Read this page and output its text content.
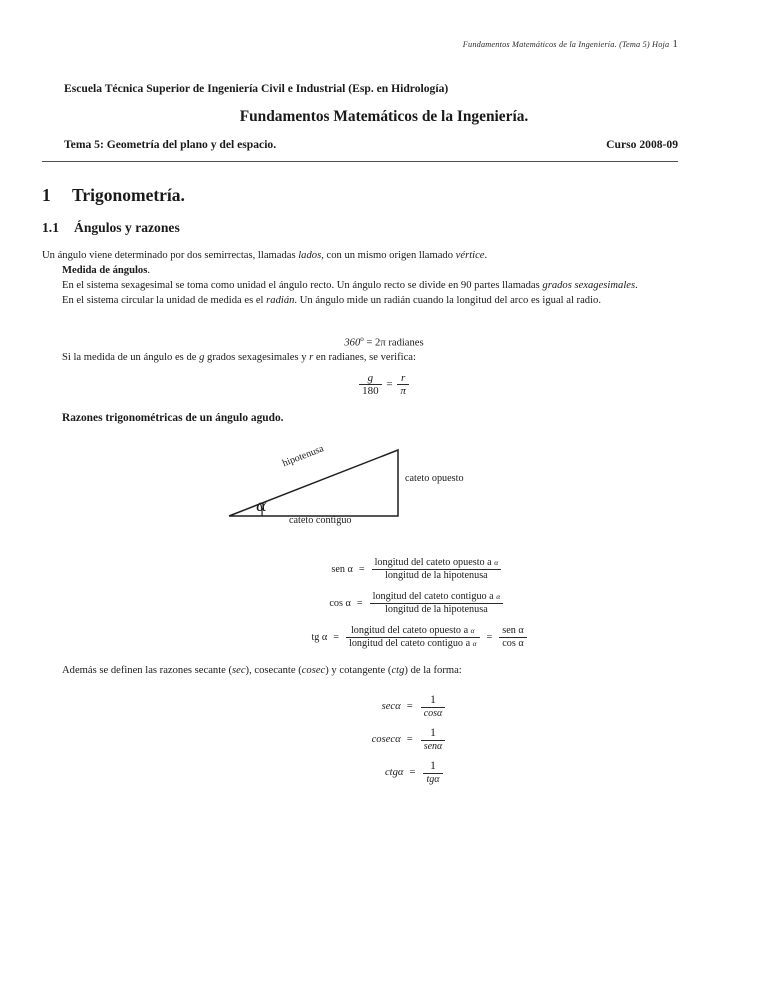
Fundamentos Matemáticos de la Ingeniería. (Tema 5) Hoja 1
Escuela Técnica Superior de Ingeniería Civil e Industrial (Esp. en Hidrología)
Fundamentos Matemáticos de la Ingeniería.
Tema 5: Geometría del plano y del espacio.	Curso 2008-09
1 Trigonometría.
1.1 Ángulos y razones

Un ángulo viene determinado por dos semirrectas, llamadas lados, con un mismo origen llamado vértice.

Medida de ángulos.

En el sistema sexagesimal se toma como unidad el ángulo recto. Un ángulo recto se divide en 90 partes llamadas grados sexagesimales.

En el sistema circular la unidad de medida es el radián. Un ángulo mide un radián cuando la longitud del arco es igual al radio.

$360^o = 2\pi$ radianes
Si la medida de un ángulo es de g grados sexagesimales y r en radianes, se verifica:
$\frac{g}{180} = \frac{r}{\pi}$
Razones trigonométricas de un ángulo agudo.
hipotenusa
cateto opuesto
cateto contiguo
α
sen $\alpha = \frac{\text{longitud del cateto opuesto a α}}{\text{longitud de la hipotenusa}}$
$\cos \alpha = \frac{\text{longitud del cateto contiguo a α}}{\text{longitud de la hipotenusa}}$
tg $\alpha = \frac{\text{longitud del cateto opuesto a α}}{\text{longitud del cateto contiguo a α}} = \frac{\text{sen α}}{\text{cos α}}$
Además se definen las razones secante (sec), cosecante (cosec) y cotangente (ctg) de la forma:
$\sec\alpha = \frac{1}{\cos\alpha}$
$cosec\alpha = \frac{1}{\text{senα}}$
$ctg\alpha = \frac{1}{\text{tgα}}$
